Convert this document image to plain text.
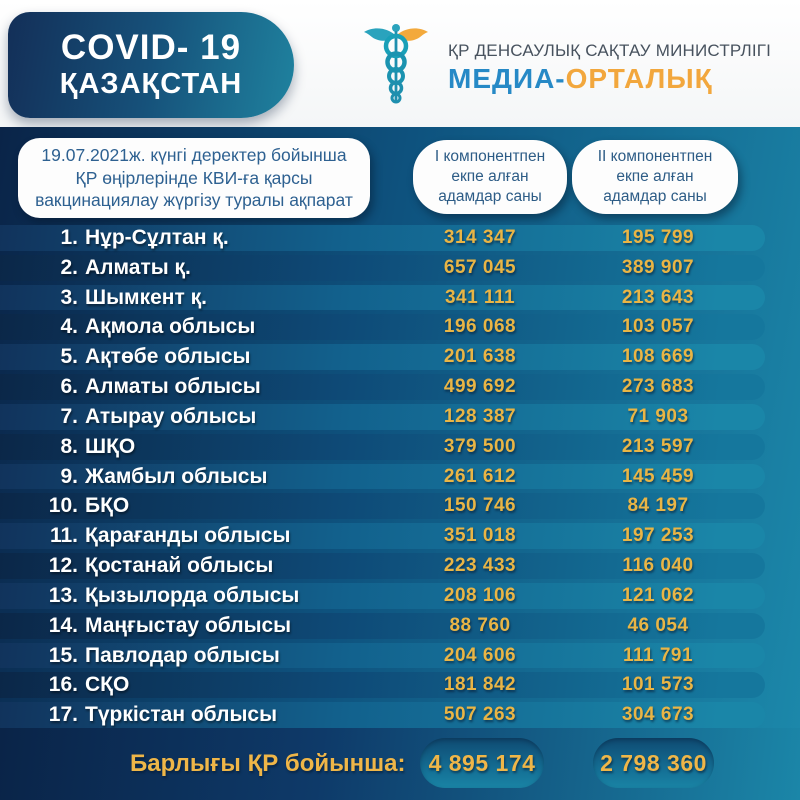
COVID- 19
ҚАЗАҚСТАН
ҚР ДЕНСАУЛЫҚ САҚТАУ МИНИСТРЛІГІ
МЕДИА-ОРТАЛЫҚ
19.07.2021ж. күнгі деректер бойынша ҚР өңірлерінде КВИ-ға қарсы вакцинациялау жүргізу туралы ақпарат
I компонентпен екпе алған адамдар саны
II компонентпен екпе алған адамдар саны
1. Нұр-Сұлтан қ.	314 347	195 799
2. Алматы қ.	657 045	389 907
3. Шымкент қ.	341 111	213 643
4. Ақмола облысы	196 068	103 057
5. Ақтөбе облысы	201 638	108 669
6. Алматы облысы	499 692	273 683
7. Атырау облысы	128 387	71 903
8. ШҚО	379 500	213 597
9. Жамбыл облысы	261 612	145 459
10. БҚО	150 746	84 197
11. Қарағанды облысы	351 018	197 253
12. Қостанай облысы	223 433	116 040
13. Қызылорда облысы	208 106	121 062
14. Маңғыстау облысы	88 760	46 054
15. Павлодар облысы	204 606	111 791
16. СҚО	181 842	101 573
17. Түркістан облысы	507 263	304 673
Барлығы ҚР бойынша: 4 895 174	2 798 360
